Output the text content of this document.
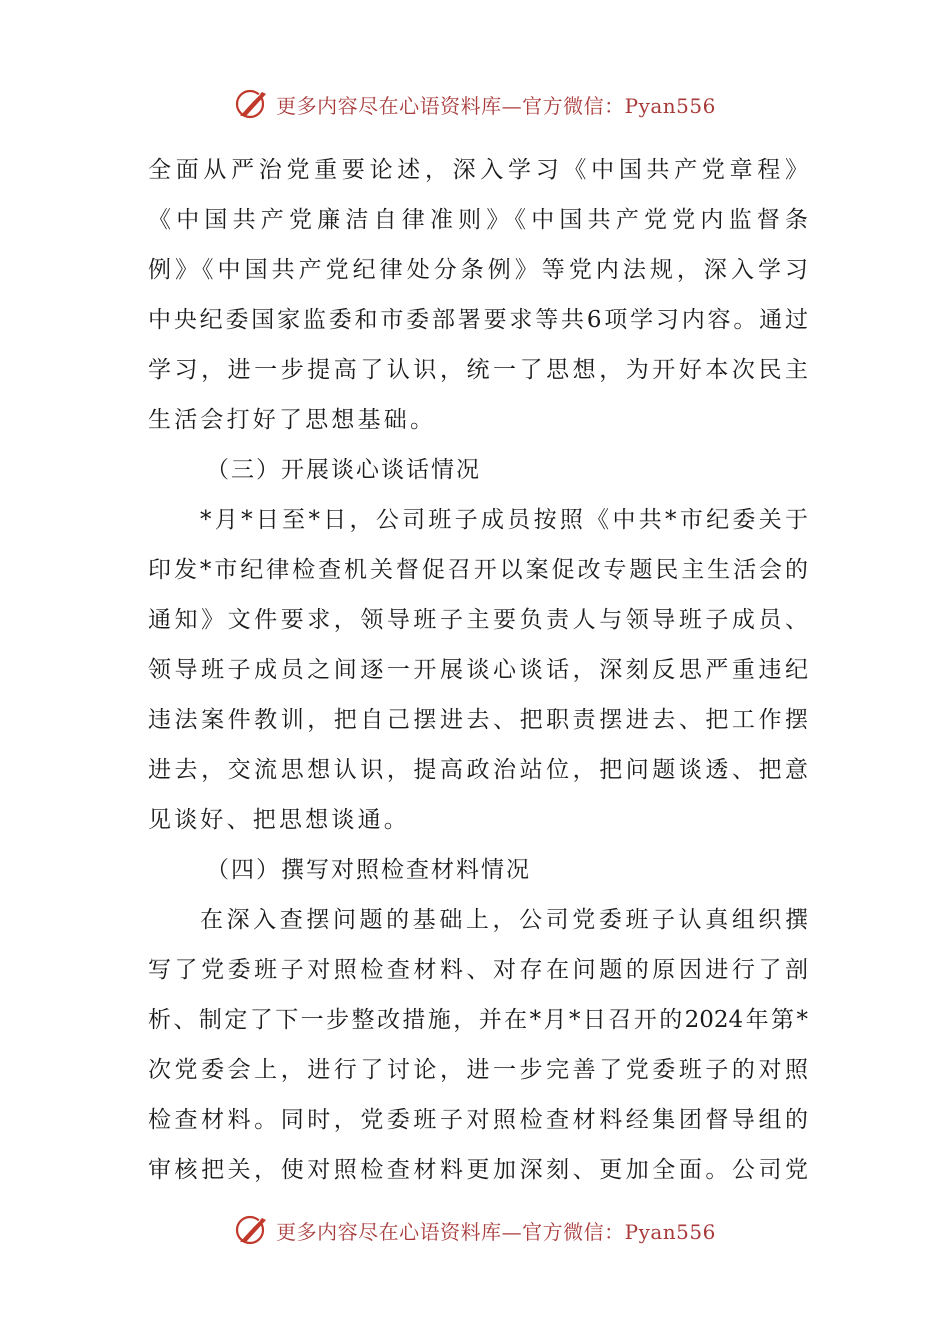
更多内容尽在心语资料库—官方微信：Pyan556
全面从严治党重要论述，深入学习《中国共产党章程》
《中国共产党廉洁自律准则》《中国共产党党内监督条
例》《中国共产党纪律处分条例》等党内法规，深入学习
中央纪委国家监委和市委部署要求等共6项学习内容。通过
学习，进一步提高了认识，统一了思想，为开好本次民主
生活会打好了思想基础。
（三）开展谈心谈话情况
*月*日至*日，公司班子成员按照《中共*市纪委关于
印发*市纪律检查机关督促召开以案促改专题民主生活会的
通知》文件要求，领导班子主要负责人与领导班子成员、
领导班子成员之间逐一开展谈心谈话，深刻反思严重违纪
违法案件教训，把自己摆进去、把职责摆进去、把工作摆
进去，交流思想认识，提高政治站位，把问题谈透、把意
见谈好、把思想谈通。
（四）撰写对照检查材料情况
在深入查摆问题的基础上，公司党委班子认真组织撰
写了党委班子对照检查材料、对存在问题的原因进行了剖
析、制定了下一步整改措施，并在*月*日召开的2024年第*
次党委会上，进行了讨论，进一步完善了党委班子的对照
检查材料。同时，党委班子对照检查材料经集团督导组的
审核把关，使对照检查材料更加深刻、更加全面。公司党
更多内容尽在心语资料库—官方微信：Pyan556
